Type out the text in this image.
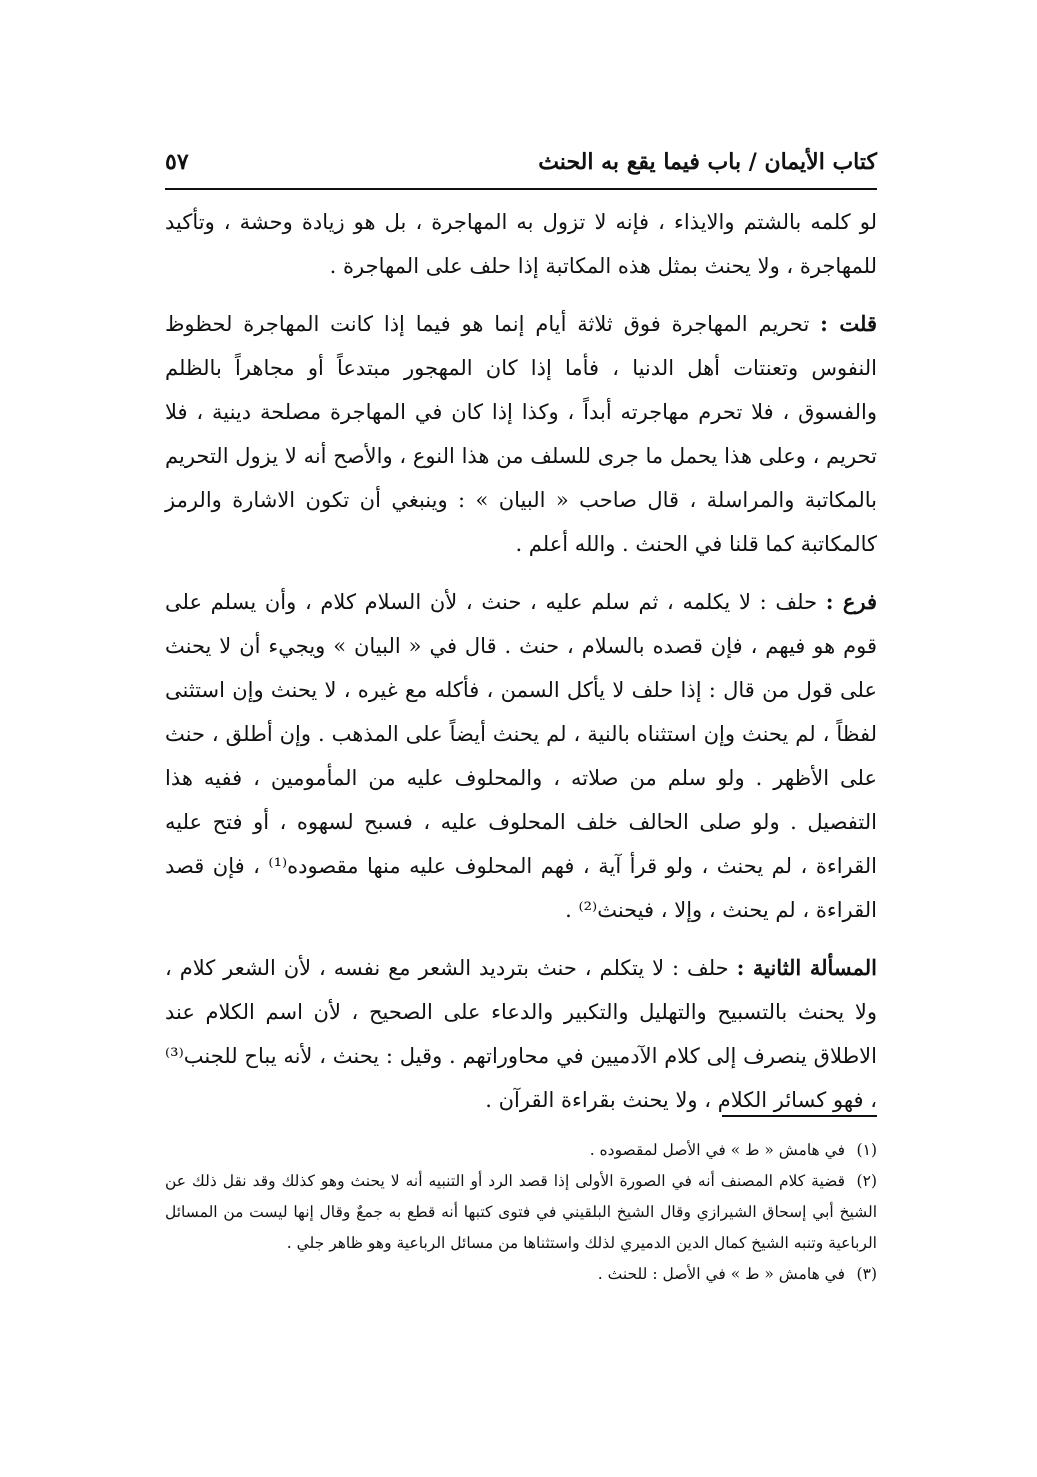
كتاب الأيمان / باب فيما يقع به الحنث
٥٧

لو كلمه بالشتم والايذاء ، فإنه لا تزول به المهاجرة ، بل هو زيادة وحشة ، وتأكيد للمهاجرة ، ولا يحنث بمثل هذه المكاتبة إذا حلف على المهاجرة .

قلت : تحريم المهاجرة فوق ثلاثة أيام إنما هو فيما إذا كانت المهاجرة لحظوظ النفوس وتعنتات أهل الدنيا ، فأما إذا كان المهجور مبتدعاً أو مجاهراً بالظلم والفسوق ، فلا تحرم مهاجرته أبداً ، وكذا إذا كان في المهاجرة مصلحة دينية ، فلا تحريم ، وعلى هذا يحمل ما جرى للسلف من هذا النوع ، والأصح أنه لا يزول التحريم بالمكاتبة والمراسلة ، قال صاحب « البيان » : وينبغي أن تكون الاشارة والرمز كالمكاتبة كما قلنا في الحنث . والله أعلم .

فرع : حلف : لا يكلمه ، ثم سلم عليه ، حنث ، لأن السلام كلام ، وأن يسلم على قوم هو فيهم ، فإن قصده بالسلام ، حنث . قال في « البيان » ويجيء أن لا يحنث على قول من قال : إذا حلف لا يأكل السمن ، فأكله مع غيره ، لا يحنث وإن استثنى لفظاً ، لم يحنث وإن استثناه بالنية ، لم يحنث أيضاً على المذهب . وإن أطلق ، حنث على الأظهر . ولو سلم من صلاته ، والمحلوف عليه من المأمومين ، ففيه هذا التفصيل . ولو صلى الحالف خلف المحلوف عليه ، فسبح لسهوه ، أو فتح عليه القراءة ، لم يحنث ، ولو قرأ آية ، فهم المحلوف عليه منها مقصوده⁽¹⁾ ، فإن قصد القراءة ، لم يحنث ، وإلا ، فيحنث⁽²⁾ .

المسألة الثانية : حلف : لا يتكلم ، حنث بترديد الشعر مع نفسه ، لأن الشعر كلام ، ولا يحنث بالتسبيح والتهليل والتكبير والدعاء على الصحيح ، لأن اسم الكلام عند الاطلاق ينصرف إلى كلام الآدميين في محاوراتهم . وقيل : يحنث ، لأنه يباح للجنب⁽³⁾ ، فهو كسائر الكلام ، ولا يحنث بقراءة القرآن .

(١)في هامش « ط » في الأصل لمقصوده .

(٢)قضية كلام المصنف أنه في الصورة الأولى إذا قصد الرد أو التنبيه أنه لا يحنث وهو كذلك وقد نقل ذلك عن الشيخ أبي إسحاق الشيرازي وقال الشيخ البلقيني في فتوى كتبها أنه قطع به جمعٌ وقال إنها ليست من المسائل الرباعية وتنبه الشيخ كمال الدين الدميري لذلك واستثناها من مسائل الرباعية وهو ظاهر جلي .

(٣)في هامش « ط » في الأصل : للحنث .
